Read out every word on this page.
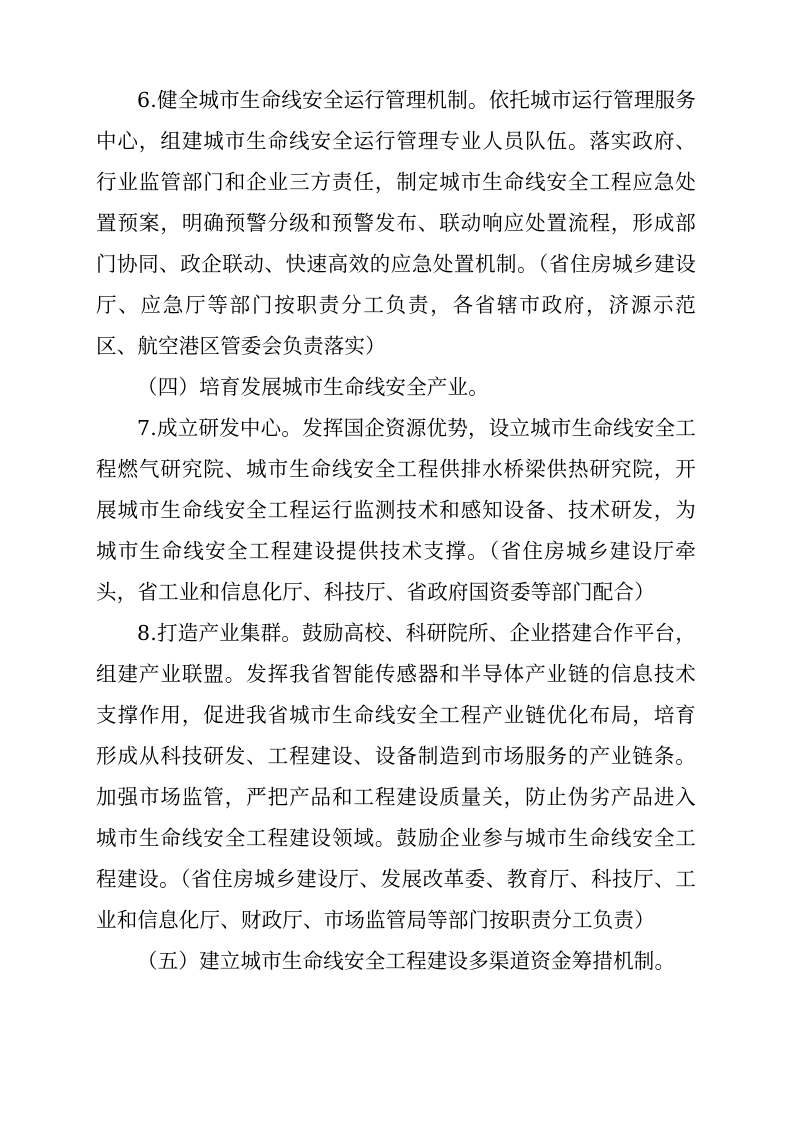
6.健全城市生命线安全运行管理机制。依托城市运行管理服务中心，组建城市生命线安全运行管理专业人员队伍。落实政府、行业监管部门和企业三方责任，制定城市生命线安全工程应急处置预案，明确预警分级和预警发布、联动响应处置流程，形成部门协同、政企联动、快速高效的应急处置机制。（省住房城乡建设厅、应急厅等部门按职责分工负责，各省辖市政府，济源示范区、航空港区管委会负责落实）

（四）培育发展城市生命线安全产业。

7.成立研发中心。发挥国企资源优势，设立城市生命线安全工程燃气研究院、城市生命线安全工程供排水桥梁供热研究院，开展城市生命线安全工程运行监测技术和感知设备、技术研发，为城市生命线安全工程建设提供技术支撑。（省住房城乡建设厅牵头，省工业和信息化厅、科技厅、省政府国资委等部门配合）

8.打造产业集群。鼓励高校、科研院所、企业搭建合作平台，组建产业联盟。发挥我省智能传感器和半导体产业链的信息技术支撑作用，促进我省城市生命线安全工程产业链优化布局，培育形成从科技研发、工程建设、设备制造到市场服务的产业链条。加强市场监管，严把产品和工程建设质量关，防止伪劣产品进入城市生命线安全工程建设领域。鼓励企业参与城市生命线安全工程建设。（省住房城乡建设厅、发展改革委、教育厅、科技厅、工业和信息化厅、财政厅、市场监管局等部门按职责分工负责）

（五）建立城市生命线安全工程建设多渠道资金筹措机制。
